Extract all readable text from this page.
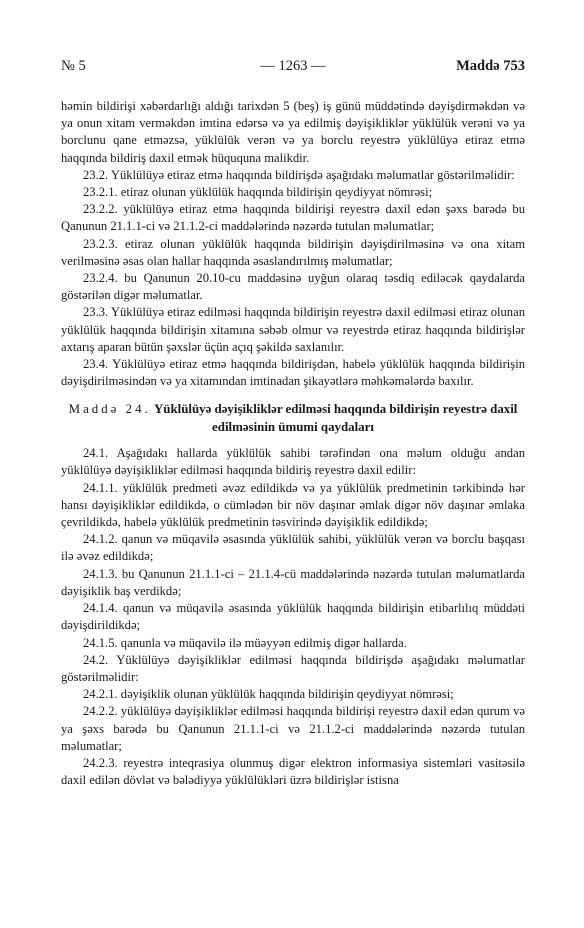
№ 5	— 1263 —	Maddə 753

həmin bildirişi xəbərdarlığı aldığı tarixdən 5 (beş) iş günü müddətində dəyişdirməkdən və ya onun xitam verməkdən imtina edərsə və ya edilmiş dəyişikliklər yüklülük verəni və ya borclunu qane etməzsə, yüklülük verən və ya borclu reyestrə yüklülüyə etiraz etmə haqqında bildiriş daxil etmək hüququna malikdir.

23.2. Yüklülüyə etiraz etmə haqqında bildirişdə aşağıdakı məlumatlar göstərilməlidir:

23.2.1. etiraz olunan yüklülük haqqında bildirişin qeydiyyat nömrəsi;

23.2.2. yüklülüyə etiraz etmə haqqında bildirişi reyestrə daxil edən şəxs barədə bu Qanunun 21.1.1-ci və 21.1.2-ci maddələrində nəzərdə tutulan məlumatlar;

23.2.3. etiraz olunan yüklülük haqqında bildirişin dəyişdirilməsinə və ona xitam verilməsinə əsas olan hallar haqqında əsaslandırılmış məlumatlar;

23.2.4. bu Qanunun 20.10-cu maddəsinə uyğun olaraq təsdiq ediləcək qaydalarda göstərilən digər məlumatlar.

23.3. Yüklülüyə etiraz edilməsi haqqında bildirişin reyestrə daxil edilməsi etiraz olunan yüklülük haqqında bildirişin xitamına səbəb olmur və reyestrdə etiraz haqqında bildirişlər axtarış aparan bütün şəxslər üçün açıq şəkildə saxlanılır.

23.4. Yüklülüyə etiraz etmə haqqında bildirişdən, habelə yüklülük haqqında bildirişin dəyişdirilməsindən və ya xitamından imtinadan şikayətlərə məhkəmələrdə baxılır.

Maddə 24. Yüklülüyə dəyişikliklər edilməsi haqqında bildirişin reyestrə daxil edilməsinin ümumi qaydaları

24.1. Aşağıdakı hallarda yüklülük sahibi tərəfindən ona məlum olduğu andan yüklülüyə dəyişikliklər edilməsi haqqında bildiriş reyestrə daxil edilir:

24.1.1. yüklülük predmeti əvəz edildikdə və ya yüklülük predmetinin tərkibində hər hansı dəyişikliklər edildikdə, o cümlədən bir növ daşınar əmlak digər növ daşınar əmlaka çevrildikdə, habelə yüklülük predmetinin təsvirində dəyişiklik edildikdə;

24.1.2. qanun və müqavilə əsasında yüklülük sahibi, yüklülük verən və borclu başqası ilə əvəz edildikdə;

24.1.3. bu Qanunun 21.1.1-ci – 21.1.4-cü maddələrində nəzərdə tutulan məlumatlarda dəyişiklik baş verdikdə;

24.1.4. qanun və müqavilə əsasında yüklülük haqqında bildirişin etibarlılıq müddəti dəyişdirildikdə;

24.1.5. qanunla və müqavilə ilə müəyyən edilmiş digər hallarda.

24.2. Yüklülüyə dəyişikliklər edilməsi haqqında bildirişdə aşağıdakı məlumatlar göstərilməlidir:

24.2.1. dəyişiklik olunan yüklülük haqqında bildirişin qeydiyyat nömrəsi;

24.2.2. yüklülüyə dəyişikliklər edilməsi haqqında bildirişi reyestrə daxil edən qurum və ya şəxs barədə bu Qanunun 21.1.1-ci və 21.1.2-ci maddələrində nəzərdə tutulan məlumatlar;

24.2.3. reyestrə inteqrasiya olunmuş digər elektron informasiya sistemləri vasitəsilə daxil edilən dövlət və bələdiyyə yüklülükləri üzrə bildirişlər istisna
